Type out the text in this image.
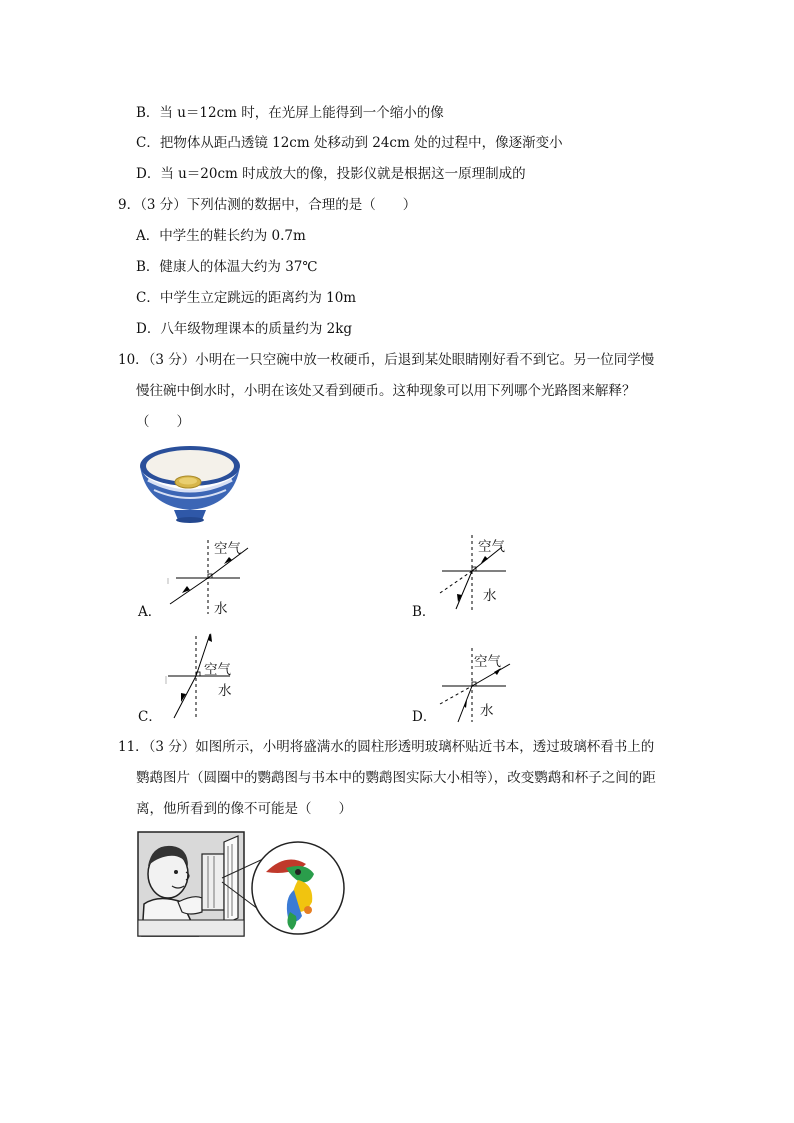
B．当 u＝12cm 时，在光屏上能得到一个缩小的像
C．把物体从距凸透镜 12cm 处移动到 24cm 处的过程中，像逐渐变小
D．当 u＝20cm 时成放大的像，投影仪就是根据这一原理制成的
9．（3 分）下列估测的数据中，合理的是（　　）
A．中学生的鞋长约为 0.7m
B．健康人的体温大约为 37℃
C．中学生立定跳远的距离约为 10m
D．八年级物理课本的质量约为 2kg
10．（3 分）小明在一只空碗中放一枚硬币，后退到某处眼睛刚好看不到它。另一位同学慢
慢往碗中倒水时，小明在该处又看到硬币。这种现象可以用下列哪个光路图来解释？
（　　）
空气
水
A．
空气
水
B．
空气
水
C．
空气
水
D．
11．（3 分）如图所示，小明将盛满水的圆柱形透明玻璃杯贴近书本，透过玻璃杯看书上的
鹦鹉图片（圆圈中的鹦鹉图与书本中的鹦鹉图实际大小相等），改变鹦鹉和杯子之间的距
离，他所看到的像不可能是（　　）
